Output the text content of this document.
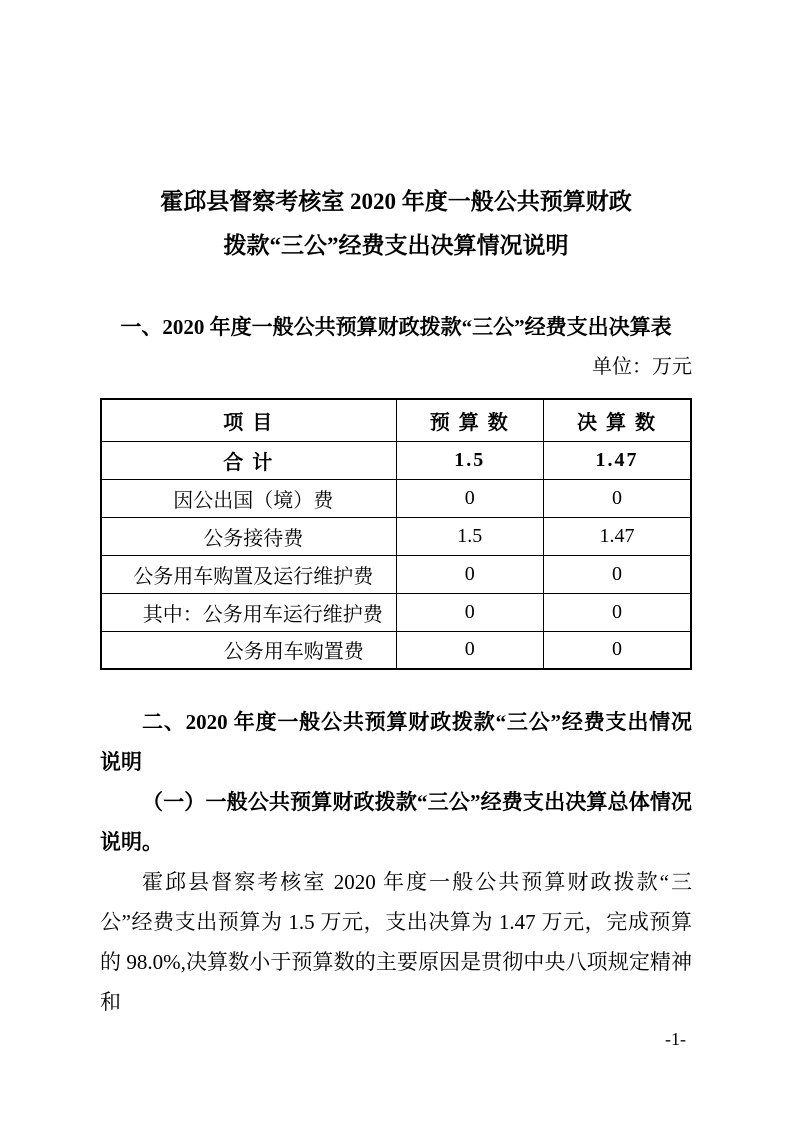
霍邱县督察考核室 2020 年度一般公共预算财政
拨款“三公”经费支出决算情况说明
一、2020 年度一般公共预算财政拨款“三公”经费支出决算表
单位：万元
项 目	预 算 数	决 算 数
合 计	1.5	1.47
因公出国（境）费	0	0
公务接待费	1.5	1.47
公务用车购置及运行维护费	0	0
其中：公务用车运行维护费	0	0
公务用车购置费	0	0

二、2020 年度一般公共预算财政拨款“三公”经费支出情况说明

（一）一般公共预算财政拨款“三公”经费支出决算总体情况说明。

霍邱县督察考核室 2020 年度一般公共预算财政拨款“三公”经费支出预算为 1.5 万元，支出决算为 1.47 万元，完成预算的 98.0%,决算数小于预算数的主要原因是贯彻中央八项规定精神和

-1-
